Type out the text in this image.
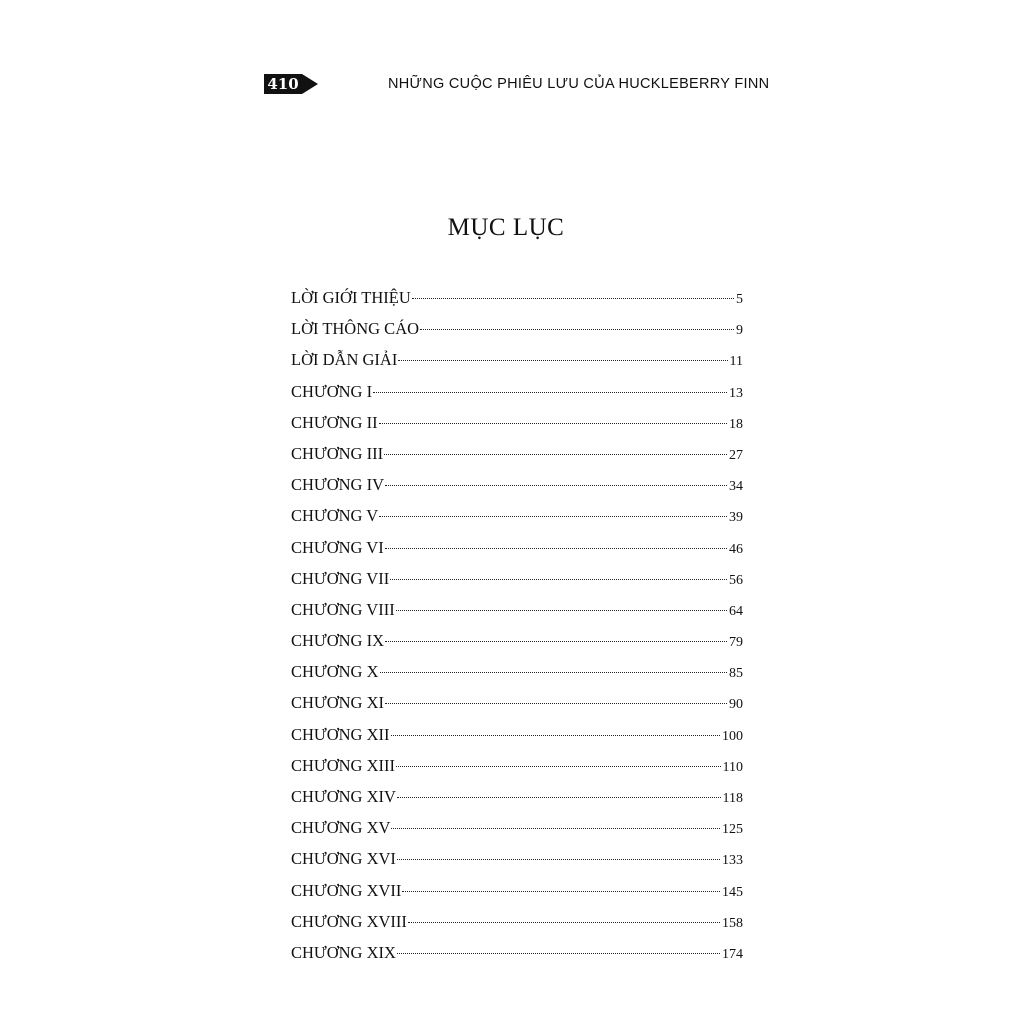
410	NHỮNG CUỘC PHIÊU LƯU CỦA HUCKLEBERRY FINN
MỤC LỤC
LỜI GIỚI THIỆU	5
LỜI THÔNG CÁO	9
LỜI DẪN GIẢI	11
CHƯƠNG I	13
CHƯƠNG II	18
CHƯƠNG III	27
CHƯƠNG IV	34
CHƯƠNG V	39
CHƯƠNG VI	46
CHƯƠNG VII	56
CHƯƠNG VIII	64
CHƯƠNG IX	79
CHƯƠNG X	85
CHƯƠNG XI	90
CHƯƠNG XII	100
CHƯƠNG XIII	110
CHƯƠNG XIV	118
CHƯƠNG XV	125
CHƯƠNG XVI	133
CHƯƠNG XVII	145
CHƯƠNG XVIII	158
CHƯƠNG XIX	174
